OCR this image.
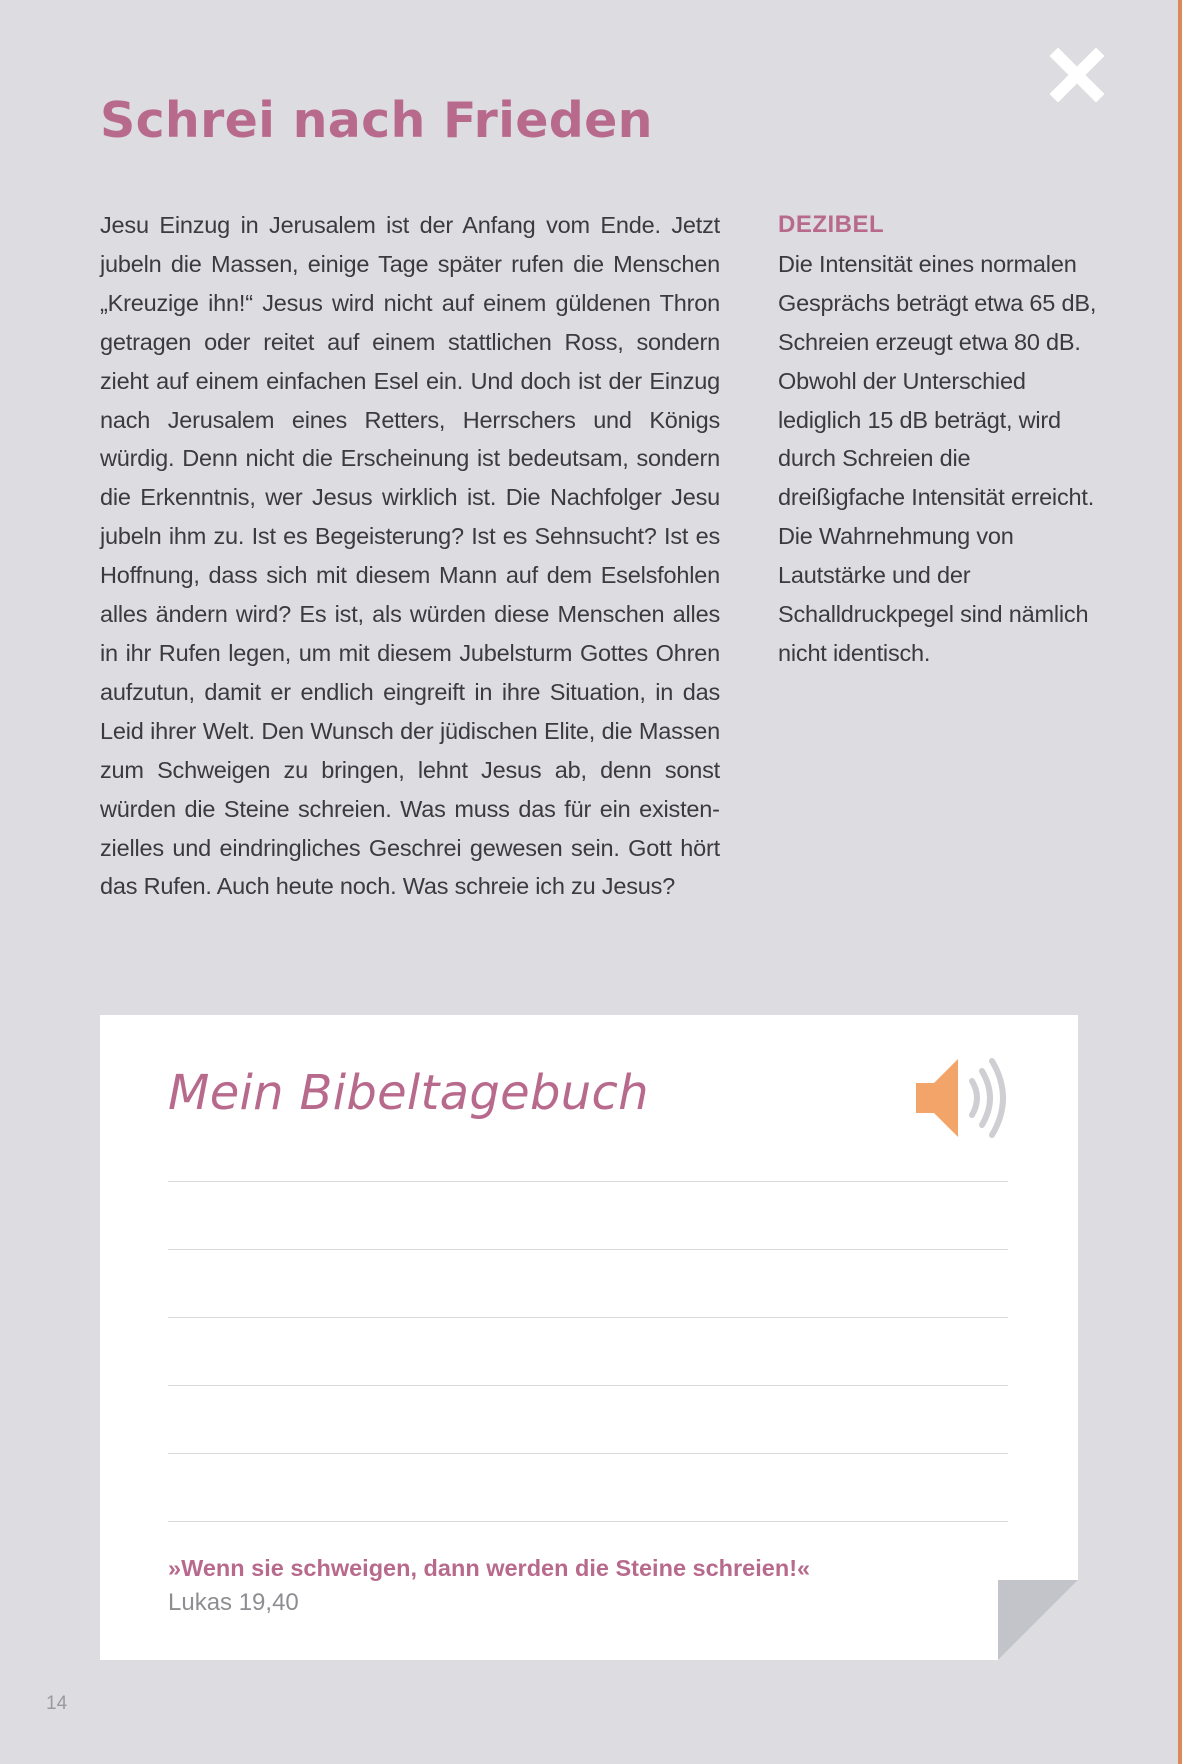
Schrei nach Frieden

Jesu Einzug in Jerusalem ist der Anfang vom Ende. Jetzt jubeln die Massen, einige Tage später rufen die Menschen „Kreuzige ihn!“ Jesus wird nicht auf einem güldenen Thron getragen oder reitet auf einem stattlichen Ross, sondern zieht auf einem einfachen Esel ein. Und doch ist der Einzug nach Jerusalem eines Retters, Herrschers und Königs würdig. Denn nicht die Erscheinung ist bedeutsam, sondern die Erkenntnis, wer Jesus wirklich ist. Die Nachfolger Jesu jubeln ihm zu. Ist es Begeisterung? Ist es Sehnsucht? Ist es Hoffnung, dass sich mit diesem Mann auf dem Eselsfohlen alles ändern wird? Es ist, als würden diese Menschen alles in ihr Rufen legen, um mit diesem Jubelsturm Gottes Ohren aufzutun, damit er endlich eingreift in ihre Situation, in das Leid ihrer Welt. Den Wunsch der jüdischen Elite, die Massen zum Schweigen zu bringen, lehnt Jesus ab, denn sonst würden die Steine schreien. Was muss das für ein existenzielles und eindringliches Geschrei gewesen sein. Gott hört das Rufen. Auch heute noch. Was schreie ich zu Jesus?

DEZIBEL

Die Intensität eines normalen Gesprächs beträgt etwa 65 dB, Schreien erzeugt etwa 80 dB. Obwohl der Unterschied lediglich 15 dB beträgt, wird durch Schreien die dreißigfache Intensität erreicht. Die Wahrnehmung von Lautstärke und der Schalldruckpegel sind nämlich nicht identisch.

Mein Bibeltagebuch

»Wenn sie schweigen, dann werden die Steine schreien!«

Lukas 19,40

14
